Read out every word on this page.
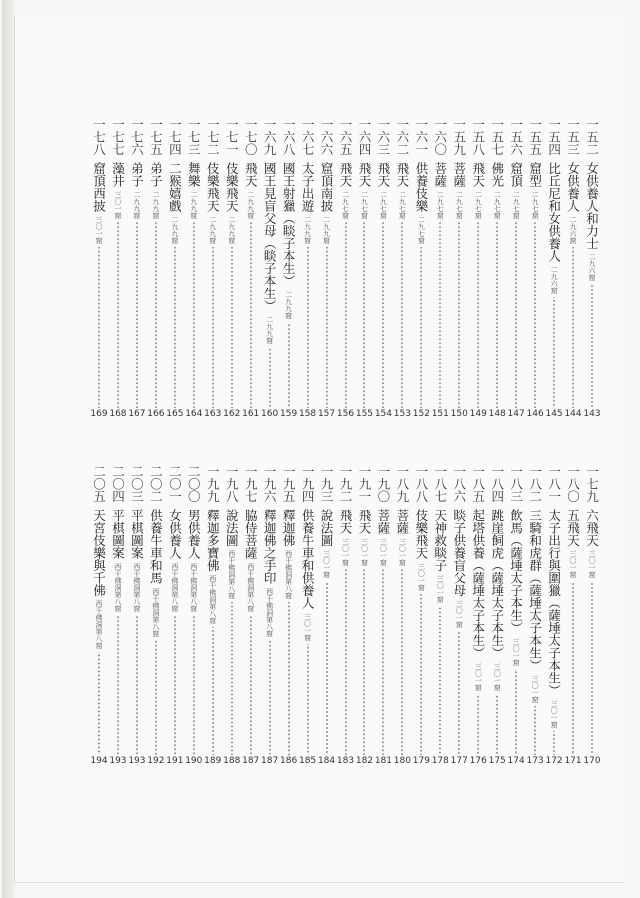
一五二
女供養人和力士
二九六窟
一五三
女供養人
二九六窟
一五四
比丘尼和女供養人
二九六窟
一五五
窟型
二九七窟
一五六
窟頂
二九七窟
一五七
佛光
二九七窟
一五八
飛天
二九七窟
一五九
菩薩
二九七窟
一六〇
菩薩
二九七窟
一六一
供養伎樂
二九七窟
一六二
飛天
二九七窟
一六三
飛天
二九七窟
一六四
飛天
二九七窟
一六五
飛天
二九七窟
一六六
窟頂南披
二九九窟
一六七
太子出遊
二九九窟
一六八
國王射獵（睒子本生）
二九九窟
一六九
國王見盲父母（睒子本生）
二九九窟
一七〇
飛天
二九九窟
一七一
伎樂飛天
二九九窟
一七二
伎樂飛天
二九九窟
一七三
舞樂
二九九窟
一七四
二猴嬉戲
二九九窟
一七五
弟子
二九九窟
一七六
弟子
二九九窟
一七七
藻井
三〇一窟
一七八
窟頂西披
三〇一窟
一七九
六飛天
三〇一窟
一八〇
五飛天
三〇一窟
一八一
太子出行與圍獵（薩埵太子本生）
三〇一窟
一八二
三騎和虎群（薩埵太子本生）
三〇一窟
一八三
飲馬（薩埵太子本生）
三〇一窟
一八四
跳崖飼虎（薩埵太子本生）
三〇一窟
一八五
起塔供養（薩埵太子本生）
三〇一窟
一八六
睒子供養盲父母
三〇一窟
一八七
天神救睒子
三〇一窟
一八八
伎樂飛天
三〇一窟
一八九
菩薩
三〇一窟
一九〇
菩薩
三〇一窟
一九一
飛天
三〇一窟
一九二
飛天
三〇一窟
一九三
說法圖
三〇一窟
一九四
供養牛車和供養人
三〇一窟
一九五
釋迦佛
西千佛洞第八窟
一九六
釋迦佛之手印
西千佛洞第八窟
一九七
脇侍菩薩
西千佛洞第八窟
一九八
說法圖
西千佛洞第八窟
一九九
釋迦多寶佛
西千佛洞第八窟
二〇〇
男供養人
西千佛洞第八窟
二〇一
女供養人
西千佛洞第八窟
二〇二
供養牛車和馬
西千佛洞第八窟
二〇三
平棋圖案
西千佛洞第八窟
二〇四
平棋圖案
西千佛洞第八窟
二〇五
天宮伎樂與千佛
西千佛洞第八窟
143
144
145
146
147
148
149
150
151
152
153
154
155
156
157
158
159
160
161
162
163
164
165
166
167
168
169
170
171
172
173
174
175
176
177
178
179
180
181
182
183
184
185
186
187
187
188
189
190
191
192
193
193
194
